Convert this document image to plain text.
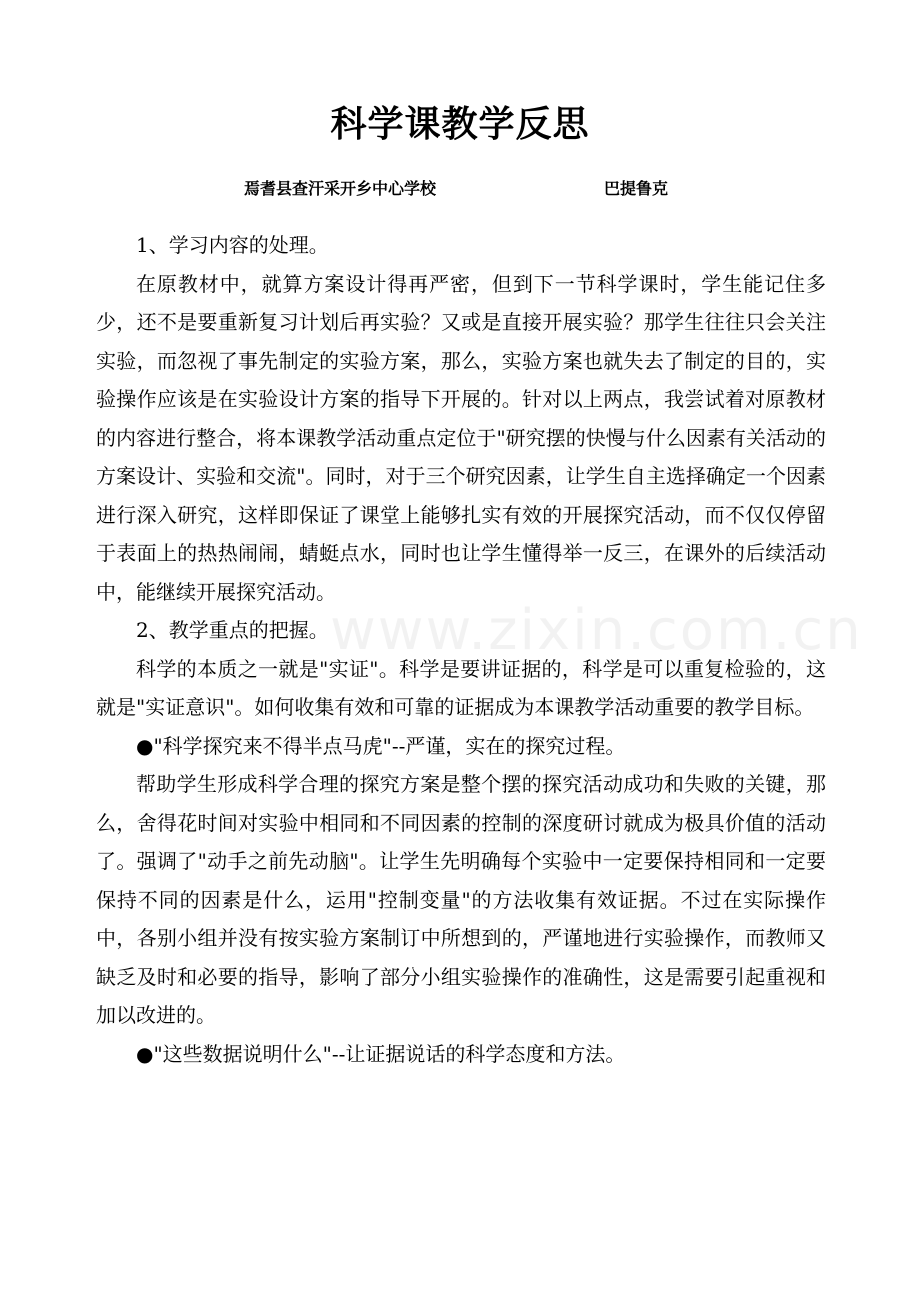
科学课教学反思
焉耆县查汗采开乡中心学校	巴提鲁克

1、学习内容的处理。

在原教材中，就算方案设计得再严密，但到下一节科学课时，学生能记住多少，还不是要重新复习计划后再实验？又或是直接开展实验？那学生往往只会关注实验，而忽视了事先制定的实验方案，那么，实验方案也就失去了制定的目的，实验操作应该是在实验设计方案的指导下开展的。针对以上两点，我尝试着对原教材的内容进行整合，将本课教学活动重点定位于"研究摆的快慢与什么因素有关活动的方案设计、实验和交流"。同时，对于三个研究因素，让学生自主选择确定一个因素进行深入研究，这样即保证了课堂上能够扎实有效的开展探究活动，而不仅仅停留于表面上的热热闹闹，蜻蜓点水，同时也让学生懂得举一反三，在课外的后续活动中，能继续开展探究活动。

2、教学重点的把握。

科学的本质之一就是"实证"。科学是要讲证据的，科学是可以重复检验的，这就是"实证意识"。如何收集有效和可靠的证据成为本课教学活动重要的教学目标。

●"科学探究来不得半点马虎"--严谨，实在的探究过程。

帮助学生形成科学合理的探究方案是整个摆的探究活动成功和失败的关键，那么，舍得花时间对实验中相同和不同因素的控制的深度研讨就成为极具价值的活动了。强调了"动手之前先动脑"。让学生先明确每个实验中一定要保持相同和一定要保持不同的因素是什么，运用"控制变量"的方法收集有效证据。不过在实际操作中，各别小组并没有按实验方案制订中所想到的，严谨地进行实验操作，而教师又缺乏及时和必要的指导，影响了部分小组实验操作的准确性，这是需要引起重视和加以改进的。

●"这些数据说明什么"--让证据说话的科学态度和方法。

www.zixin.com.cn
